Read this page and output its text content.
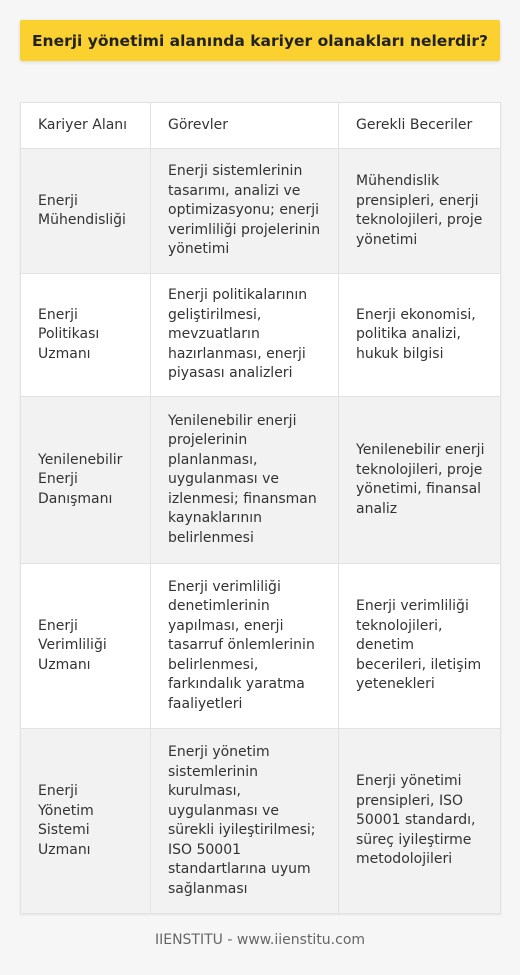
Enerji yönetimi alanında kariyer olanakları nelerdir?
Kariyer Alanı	Görevler	Gerekli Beceriler
Enerji Mühendisliği	Enerji sistemlerinin tasarımı, analizi ve optimizasyonu; enerji verimliliği projelerinin yönetimi	Mühendislik prensipleri, enerji teknolojileri, proje yönetimi
Enerji Politikası Uzmanı	Enerji politikalarının geliştirilmesi, mevzuatların hazırlanması, enerji piyasası analizleri	Enerji ekonomisi, politika analizi, hukuk bilgisi
Yenilenebilir Enerji Danışmanı	Yenilenebilir enerji projelerinin planlanması, uygulanması ve izlenmesi; finansman kaynaklarının belirlenmesi	Yenilenebilir enerji teknolojileri, proje yönetimi, finansal analiz
Enerji Verimliliği Uzmanı	Enerji verimliliği denetimlerinin yapılması, enerji tasarruf önlemlerinin belirlenmesi, farkındalık yaratma faaliyetleri	Enerji verimliliği teknolojileri, denetim becerileri, iletişim yetenekleri
Enerji Yönetim Sistemi Uzmanı	Enerji yönetim sistemlerinin kurulması, uygulanması ve sürekli iyileştirilmesi; ISO 50001 standartlarına uyum sağlanması	Enerji yönetimi prensipleri, ISO 50001 standardı, süreç iyileştirme metodolojileri
IIENSTITU - www.iienstitu.com
